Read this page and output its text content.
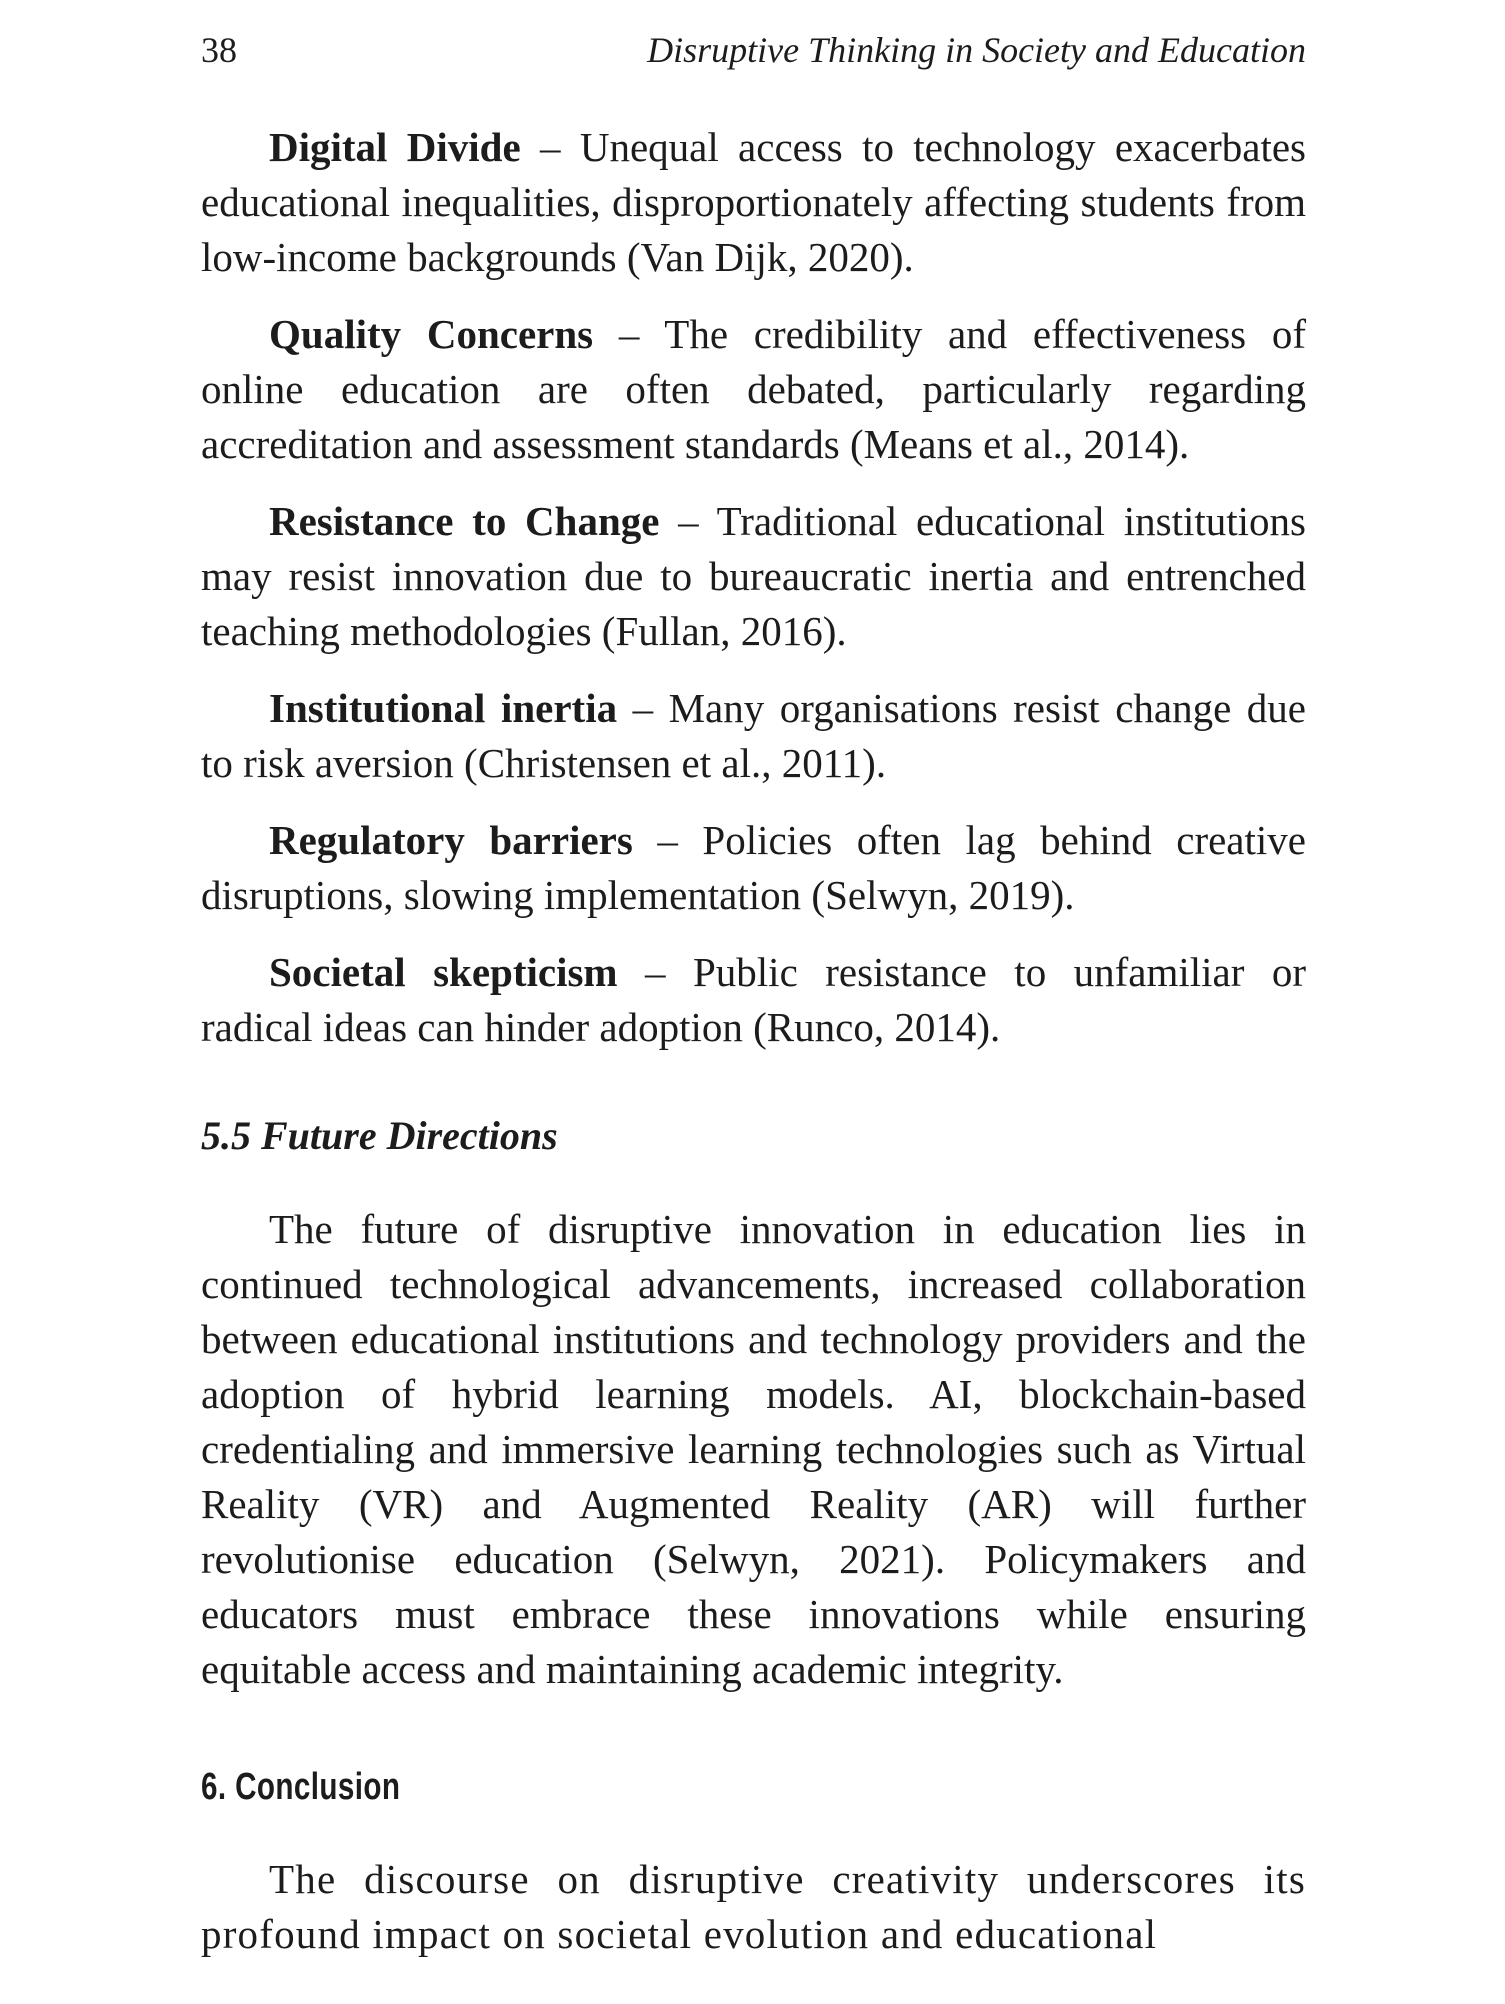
38	Disruptive Thinking in Society and Education

Digital Divide – Unequal access to technology exacerbates educational inequalities, disproportionately affecting students from low-income backgrounds (Van Dijk, 2020).

Quality Concerns – The credibility and effectiveness of online education are often debated, particularly regarding accreditation and assessment standards (Means et al., 2014).

Resistance to Change – Traditional educational institutions may resist innovation due to bureaucratic inertia and entrenched teaching methodologies (Fullan, 2016).

Institutional inertia – Many organisations resist change due to risk aversion (Christensen et al., 2011).

Regulatory barriers – Policies often lag behind creative disruptions, slowing implementation (Selwyn, 2019).

Societal skepticism – Public resistance to unfamiliar or radical ideas can hinder adoption (Runco, 2014).

5.5 Future Directions

The future of disruptive innovation in education lies in continued technological advancements, increased collaboration between educational institutions and technology providers and the adoption of hybrid learning models. AI, blockchain-based credentialing and immersive learning technologies such as Virtual Reality (VR) and Augmented Reality (AR) will further revolutionise education (Selwyn, 2021). Policymakers and educators must embrace these innovations while ensuring equitable access and maintaining academic integrity.

6. Conclusion

The discourse on disruptive creativity underscores its profound impact on societal evolution and educational
